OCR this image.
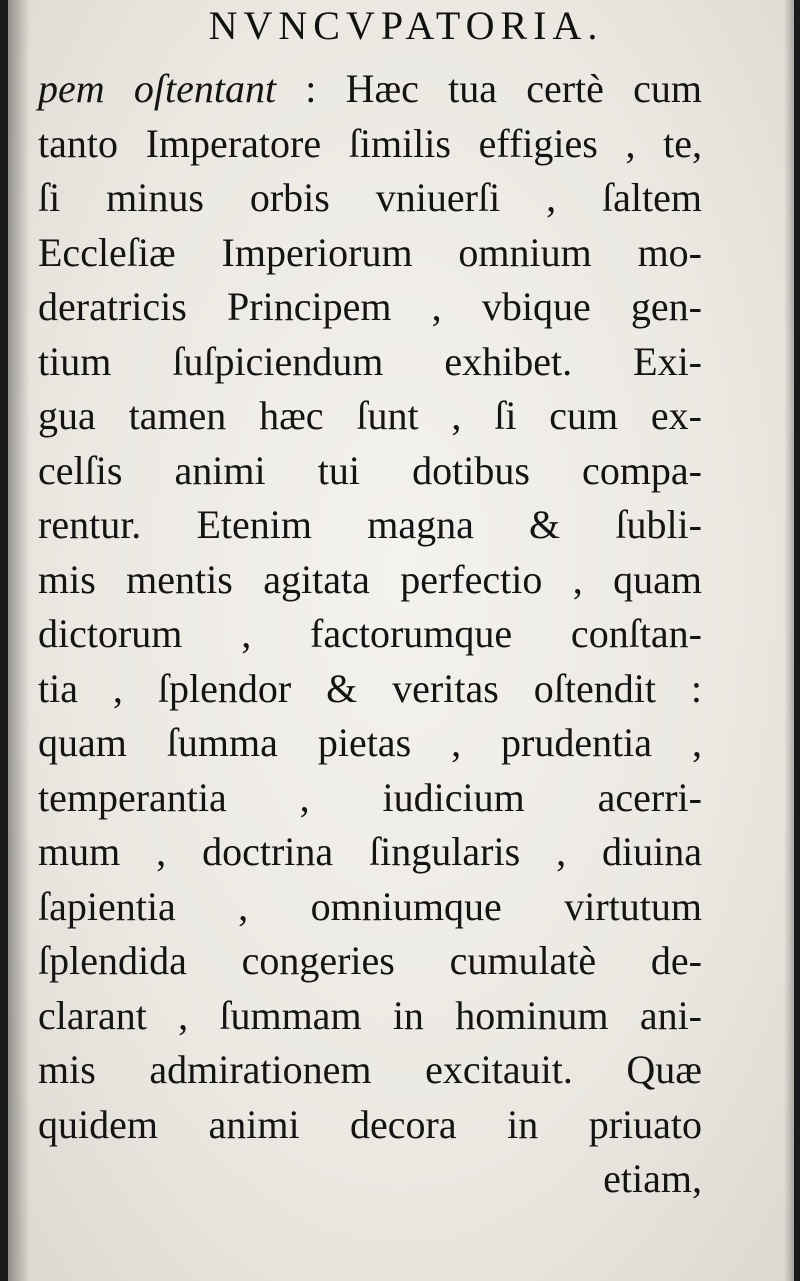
NVNCVPATORIA.
pem oſtentant : Hæc tua certè cum
tanto Imperatore ſimilis effigies , te,
ſi minus orbis vniuerſi , ſaltem
Eccleſiæ Imperiorum omnium mo-
deratricis Principem , vbique gen-
tium ſuſpiciendum exhibet. Exi-
gua tamen hæc ſunt , ſi cum ex-
celſis animi tui dotibus compa-
rentur. Etenim magna & ſubli-
mis mentis agitata perfectio , quam
dictorum , factorumque conſtan-
tia , ſplendor & veritas oſtendit :
quam ſumma pietas , prudentia ,
temperantia , iudicium acerri-
mum , doctrina ſingularis , diuina
ſapientia , omniumque virtutum
ſplendida congeries cumulatè de-
clarant , ſummam in hominum ani-
mis admirationem excitauit. Quæ
quidem animi decora in priuato
etiam,
